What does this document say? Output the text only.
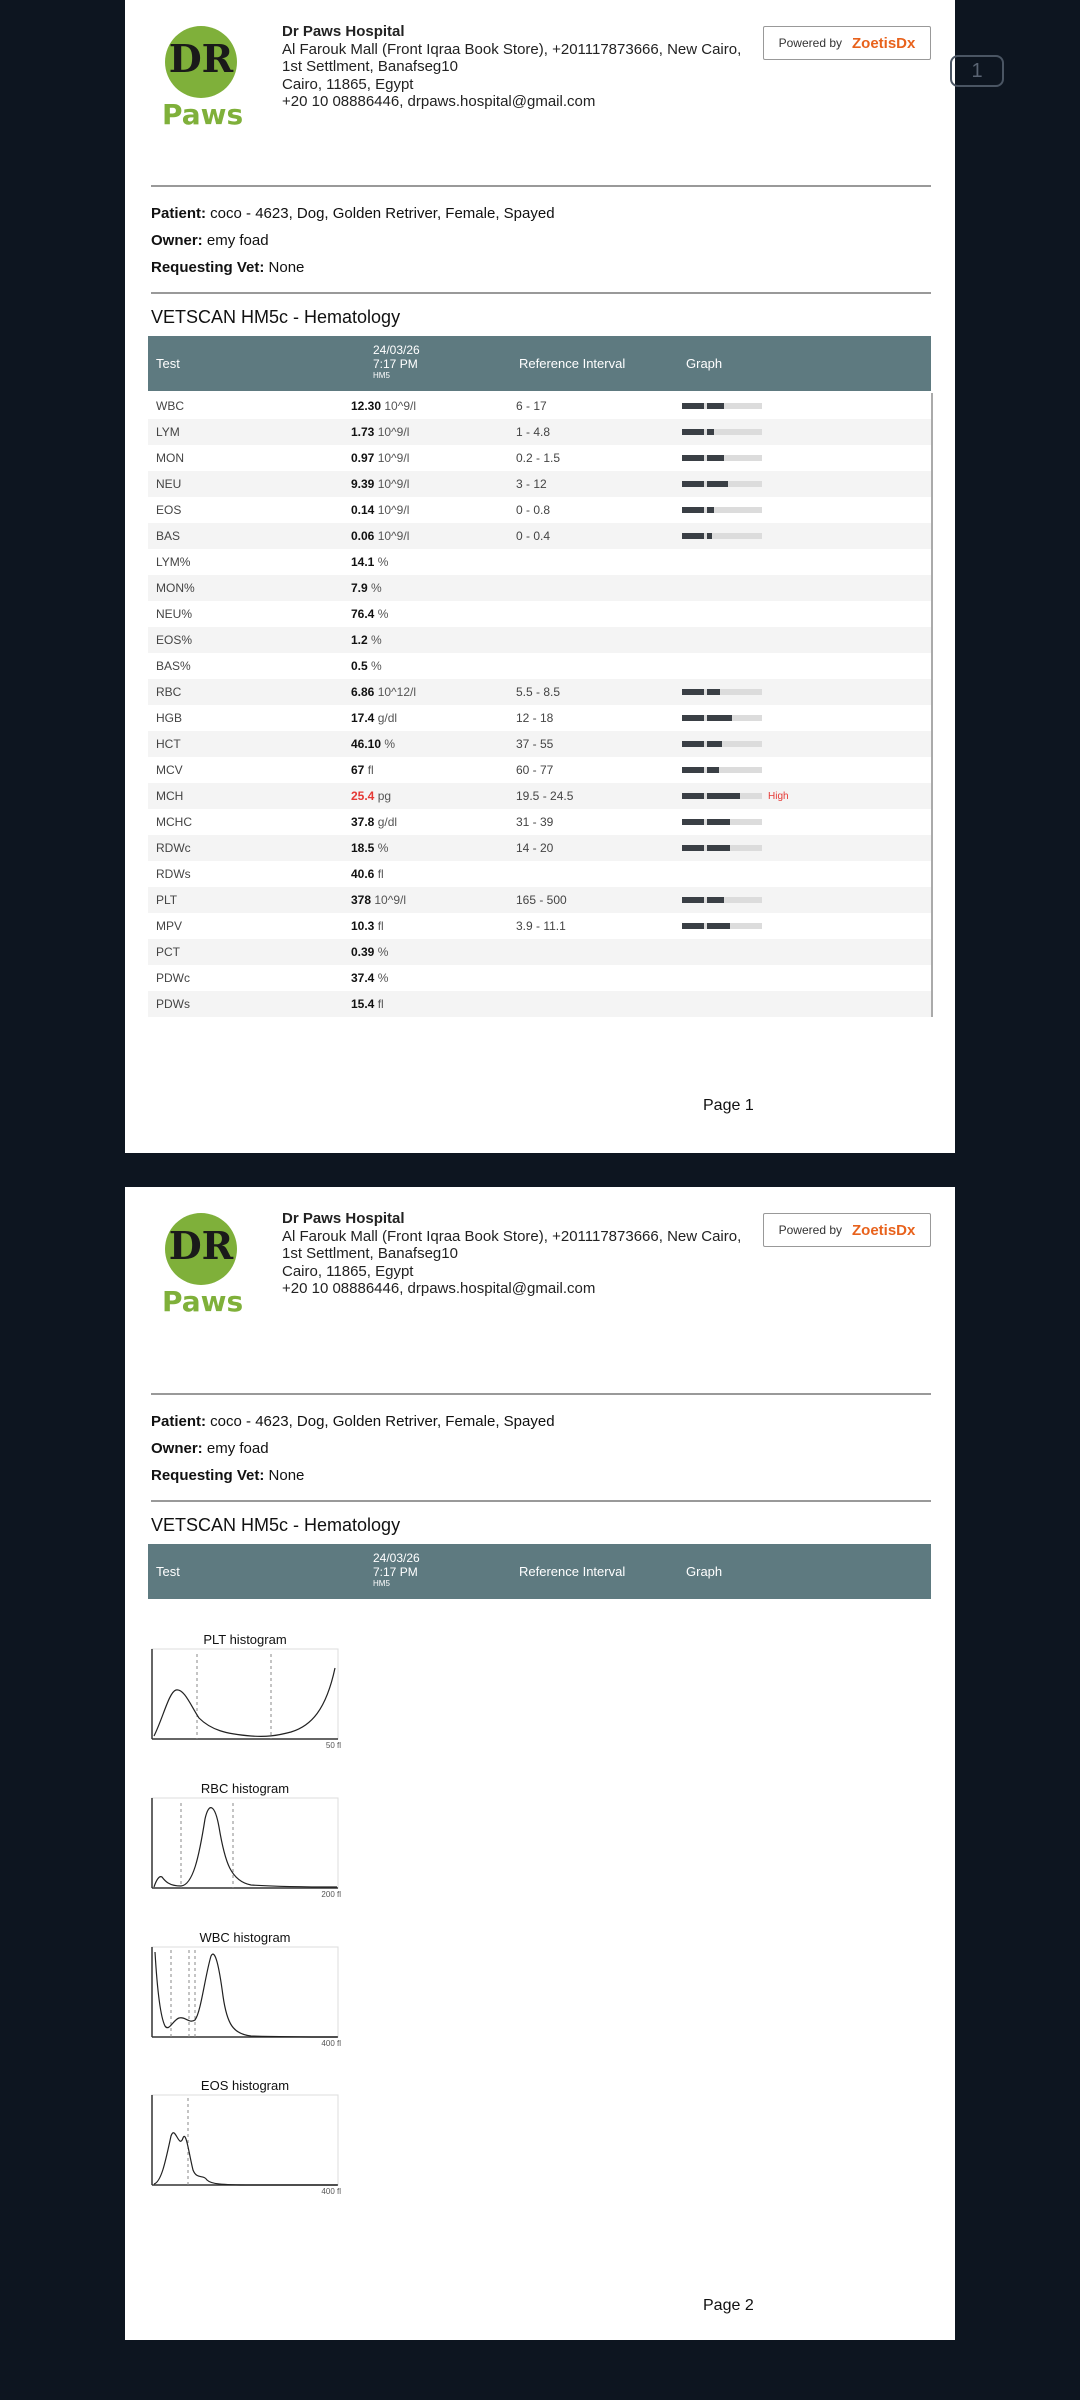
DR
Paws
Dr Paws Hospital
Al Farouk Mall (Front Iqraa Book Store), +201117873666, New Cairo,
1st Settlment, Banafseg10
Cairo, 11865, Egypt
+20 10 08886446, drpaws.hospital@gmail.com
Powered by ZoetisDx
Patient: coco - 4623, Dog, Golden Retriver, Female, Spayed
Owner: emy foad
Requesting Vet: None
VETSCAN HM5c - Hematology
Test
24/03/26
7:17 PM
HM5
Reference Interval	Graph
WBC	12.30 10^9/l	6 - 17
LYM	1.73 10^9/l	1 - 4.8
MON	0.97 10^9/l	0.2 - 1.5
NEU	9.39 10^9/l	3 - 12
EOS	0.14 10^9/l	0 - 0.8
BAS	0.06 10^9/l	0 - 0.4
LYM%	14.1 %
MON%	7.9 %
NEU%	76.4 %
EOS%	1.2 %
BAS%	0.5 %
RBC	6.86 10^12/l	5.5 - 8.5
HGB	17.4 g/dl	12 - 18
HCT	46.10 %	37 - 55
MCV	67 fl	60 - 77
MCH	25.4 pg	19.5 - 24.5	High
MCHC	37.8 g/dl	31 - 39
RDWc	18.5 %	14 - 20
RDWs	40.6 fl
PLT	378 10^9/l	165 - 500
MPV	10.3 fl	3.9 - 11.1
PCT	0.39 %
PDWc	37.4 %
PDWs	15.4 fl
Page 1
DR
Paws
Dr Paws Hospital
Al Farouk Mall (Front Iqraa Book Store), +201117873666, New Cairo,
1st Settlment, Banafseg10
Cairo, 11865, Egypt
+20 10 08886446, drpaws.hospital@gmail.com
Powered by ZoetisDx
Patient: coco - 4623, Dog, Golden Retriver, Female, Spayed
Owner: emy foad
Requesting Vet: None
VETSCAN HM5c - Hematology
Test
24/03/26
7:17 PM
HM5
Reference Interval	Graph
PLT histogram
50 fl
RBC histogram
200 fl
WBC histogram
400 fl
EOS histogram
400 fl
Page 2
1
